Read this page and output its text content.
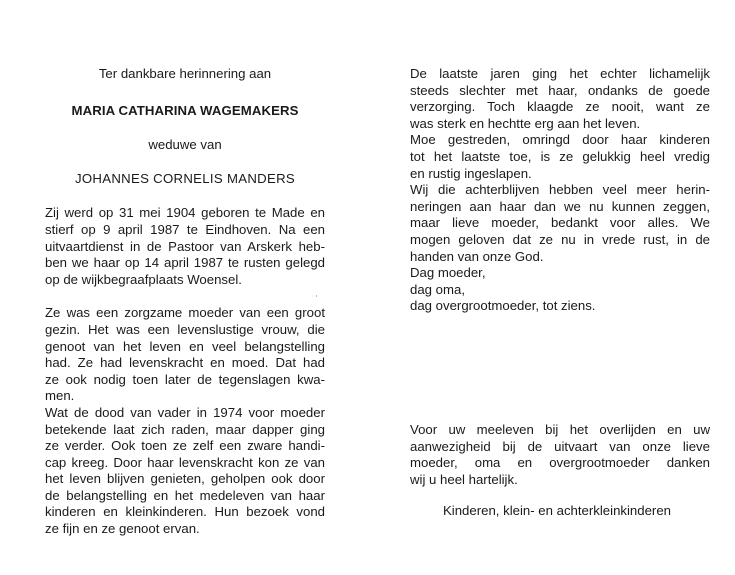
Ter dankbare herinnering aan

MARIA CATHARINA WAGEMAKERS

weduwe van

JOHANNES CORNELIS MANDERS

Zij werd op 31 mei 1904 geboren te Made en
stierf op 9 april 1987 te Eindhoven. Na een
uitvaartdienst in de Pastoor van Arskerk heb-
ben we haar op 14 april 1987 te rusten gelegd
op de wijkbegraafplaats Woensel.

Ze was een zorgzame moeder van een groot
gezin. Het was een levenslustige vrouw, die
genoot van het leven en veel belangstelling
had. Ze had levenskracht en moed. Dat had
ze ook nodig toen later de tegenslagen kwa-
men.
Wat de dood van vader in 1974 voor moeder
betekende laat zich raden, maar dapper ging
ze verder. Ook toen ze zelf een zware handi-
cap kreeg. Door haar levenskracht kon ze van
het leven blijven genieten, geholpen ook door
de belangstelling en het medeleven van haar
kinderen en kleinkinderen. Hun bezoek vond
ze fijn en ze genoot ervan.

De laatste jaren ging het echter lichamelijk
steeds slechter met haar, ondanks de goede
verzorging. Toch klaagde ze nooit, want ze
was sterk en hechtte erg aan het leven.
Moe gestreden, omringd door haar kinderen
tot het laatste toe, is ze gelukkig heel vredig
en rustig ingeslapen.
Wij die achterblijven hebben veel meer herin-
neringen aan haar dan we nu kunnen zeggen,
maar lieve moeder, bedankt voor alles. We
mogen geloven dat ze nu in vrede rust, in de
handen van onze God.
Dag moeder,
dag oma,
dag overgrootmoeder, tot ziens.

Voor uw meeleven bij het overlijden en uw
aanwezigheid bij de uitvaart van onze lieve
moeder, oma en overgrootmoeder danken
wij u heel hartelijk.

Kinderen, klein- en achterkleinkinderen
